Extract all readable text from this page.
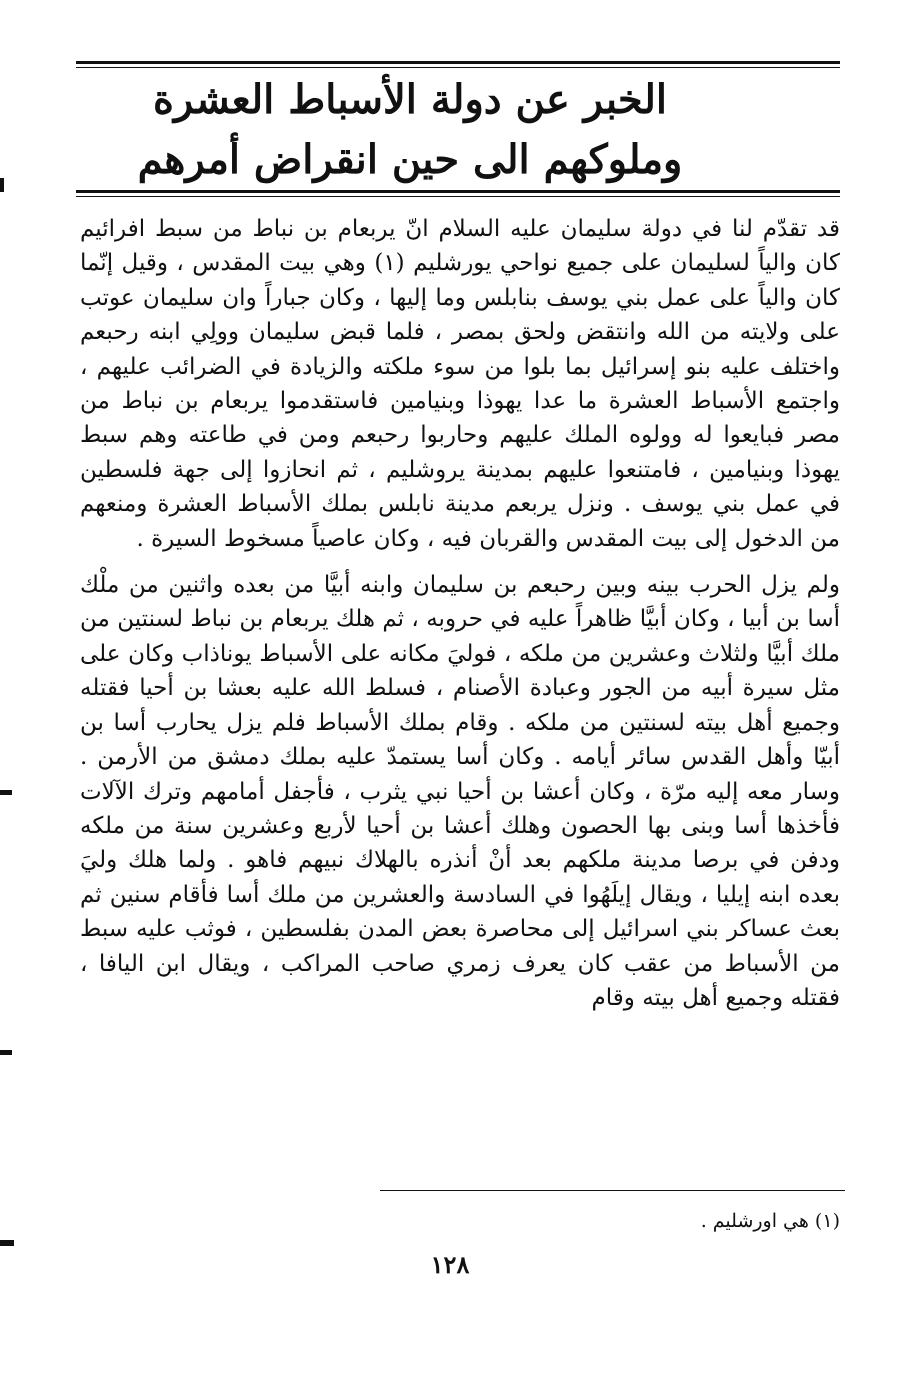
الخبر عن دولة الأسباط العشرة وملوكهم الى حين انقراض أمرهم

قد تقدّم لنا في دولة سليمان عليه السلام انّ يربعام بن نباط من سبط افرائيم كان والياً لسليمان على جميع نواحي يورشليم (١) وهي بيت المقدس ، وقيل إنّما كان والياً على عمل بني يوسف بنابلس وما إليها ، وكان جباراً وان سليمان عوتب على ولايته من الله وانتقض ولحق بمصر ، فلما قبض سليمان وولِي ابنه رحبعم واختلف عليه بنو إسرائيل بما بلوا من سوء ملكته والزيادة في الضرائب عليهم ، واجتمع الأسباط العشرة ما عدا يهوذا وبنيامين فاستقدموا يربعام بن نباط من مصر فبايعوا له وولوه الملك عليهم وحاربوا رحبعم ومن في طاعته وهم سبط يهوذا وبنيامين ، فامتنعوا عليهم بمدينة يروشليم ، ثم انحازوا إلى جهة فلسطين في عمل بني يوسف . ونزل يربعم مدينة نابلس بملك الأسباط العشرة ومنعهم من الدخول إلى بيت المقدس والقربان فيه ، وكان عاصياً مسخوط السيرة .

ولم يزل الحرب بينه وبين رحبعم بن سليمان وابنه أبيَّا من بعده واثنين من ملْك أسا بن أبيا ، وكان أبيَّا ظاهراً عليه في حروبه ، ثم هلك يربعام بن نباط لسنتين من ملك أبيَّا ولثلاث وعشرين من ملكه ، فوليَ مكانه على الأسباط يوناذاب وكان على مثل سيرة أبيه من الجور وعبادة الأصنام ، فسلط الله عليه بعشا بن أحيا فقتله وجميع أهل بيته لسنتين من ملكه . وقام بملك الأسباط فلم يزل يحارب أسا بن أبيّا وأهل القدس سائر أيامه . وكان أسا يستمدّ عليه بملك دمشق من الأرمن . وسار معه إليه مرّة ، وكان أعشا بن أحيا نبي يثرب ، فأجفل أمامهم وترك الآلات فأخذها أسا وبنى بها الحصون وهلك أعشا بن أحيا لأربع وعشرين سنة من ملكه ودفن في برصا مدينة ملكهم بعد أنْ أنذره بالهلاك نبيهم فاهو . ولما هلك وليَ بعده ابنه إيليا ، ويقال إيلَهُوا في السادسة والعشرين من ملك أسا فأقام سنين ثم بعث عساكر بني اسرائيل إلى محاصرة بعض المدن بفلسطين ، فوثب عليه سبط من الأسباط من عقب كان يعرف زمري صاحب المراكب ، ويقال ابن اليافا ، فقتله وجميع أهل بيته وقام

(١) هي اورشليم .
١٢٨
